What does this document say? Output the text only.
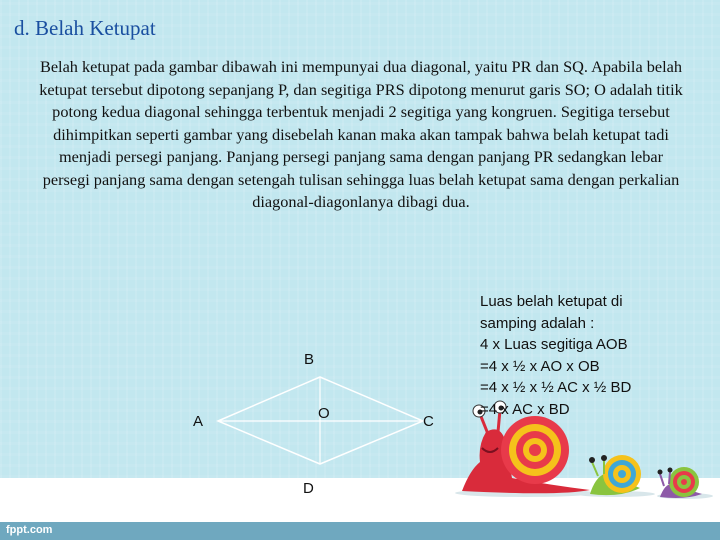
d. Belah Ketupat
Belah ketupat pada gambar dibawah ini mempunyai dua diagonal, yaitu PR dan SQ. Apabila belah ketupat tersebut dipotong sepanjang P, dan segitiga PRS dipotong menurut garis SO; O adalah titik potong kedua diagonal sehingga terbentuk menjadi 2 segitiga yang kongruen. Segitiga tersebut dihimpitkan seperti gambar yang disebelah kanan maka akan tampak bahwa belah ketupat tadi menjadi persegi panjang. Panjang persegi panjang sama dengan panjang PR sedangkan lebar persegi panjang sama dengan setengah tulisan sehingga luas belah ketupat sama dengan perkalian diagonal-diagonlanya dibagi dua.
A
B
C
D
O
Luas belah ketupat di
samping adalah :
4 x Luas segitiga AOB
=4 x ½ x AO x OB
=4 x ½ x ½ AC x ½ BD
=4 x AC x BD
fppt.com
